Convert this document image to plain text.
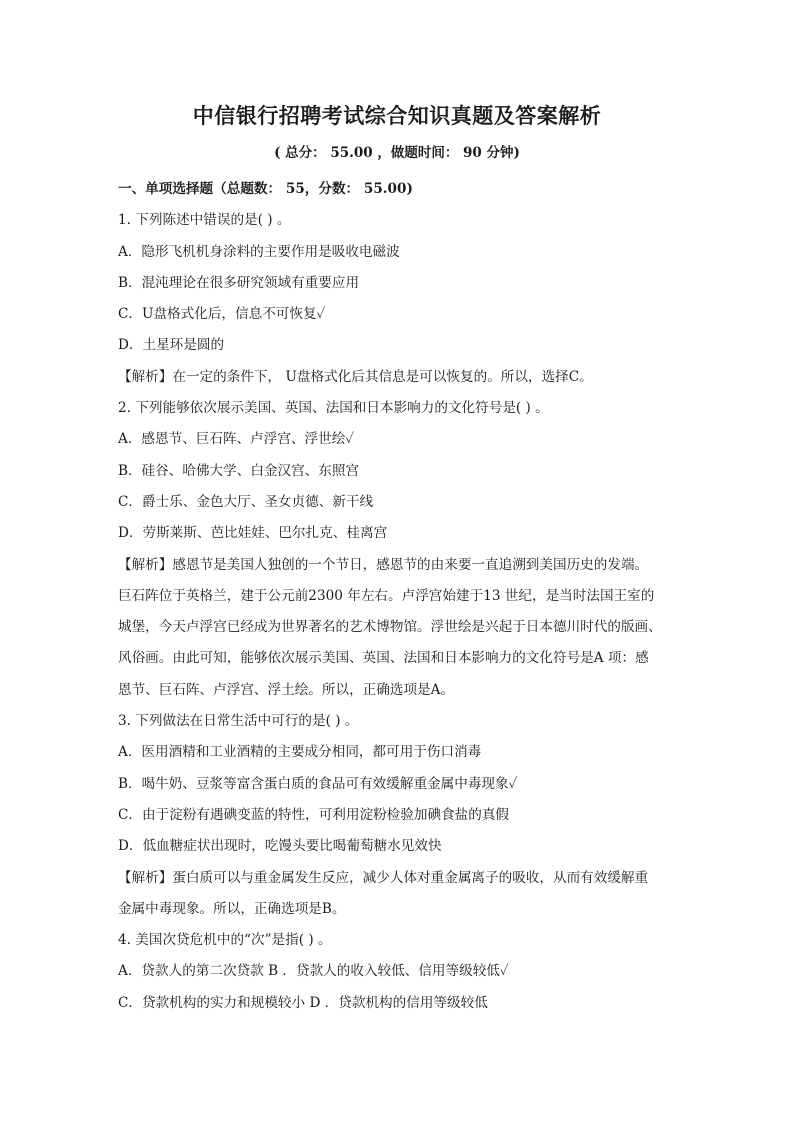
中信银行招聘考试综合知识真题及答案解析
( 总分： 55.00 ，做题时间： 90 分钟)
一、单项选择题（总题数： 55，分数： 55.00)
1. 下列陈述中错误的是( ) 。
A．隐形飞机机身涂料的主要作用是吸收电磁波
B．混沌理论在很多研究领域有重要应用
C．U盘格式化后，信息不可恢复✓
D．土星环是圆的
【解析】在一定的条件下， U盘格式化后其信息是可以恢复的。所以，选择C。
2. 下列能够依次展示美国、英国、法国和日本影响力的文化符号是( ) 。
A．感恩节、巨石阵、卢浮宫、浮世绘✓
B．硅谷、哈佛大学、白金汉宫、东照宫
C．爵士乐、金色大厅、圣女贞德、新干线
D．劳斯莱斯、芭比娃娃、巴尔扎克、桂离宫
【解析】感恩节是美国人独创的一个节日，感恩节的由来要一直追溯到美国历史的发端。
巨石阵位于英格兰，建于公元前2300 年左右。卢浮宫始建于13 世纪，是当时法国王室的
城堡，今天卢浮宫已经成为世界著名的艺术博物馆。浮世绘是兴起于日本德川时代的版画、
风俗画。由此可知，能够依次展示美国、英国、法国和日本影响力的文化符号是A 项：感
恩节、巨石阵、卢浮宫、浮土绘。所以，正确选项是A。
3. 下列做法在日常生活中可行的是( ) 。
A．医用酒精和工业酒精的主要成分相同，都可用于伤口消毒
B．喝牛奶、豆浆等富含蛋白质的食品可有效缓解重金属中毒现象✓
C．由于淀粉有遇碘变蓝的特性，可利用淀粉检验加碘食盐的真假
D．低血糖症状出现时，吃馒头要比喝葡萄糖水见效快
【解析】蛋白质可以与重金属发生反应，减少人体对重金属离子的吸收，从而有效缓解重
金属中毒现象。所以，正确选项是B。
4. 美国次贷危机中的“次”是指( ) 。
A．贷款人的第二次贷款 B ．贷款人的收入较低、信用等级较低✓
C．贷款机构的实力和规模较小 D ．贷款机构的信用等级较低
